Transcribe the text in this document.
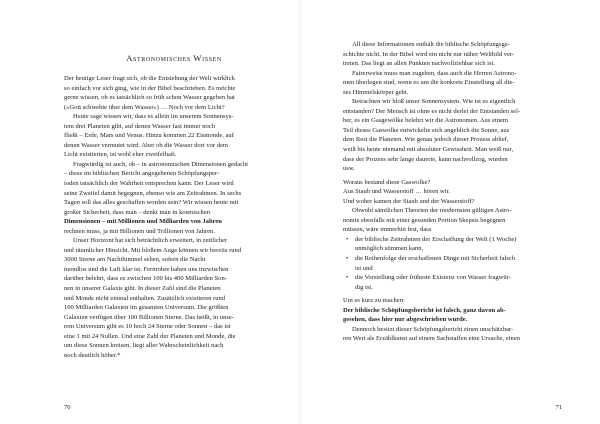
Astronomisches Wissen
Der heutige Leser fragt sich, ob die Entstehung der Welt wirklich
so einfach vor sich ging, wie in der Bibel beschrieben. Es möchte
gerne wissen, ob es tatsächlich so früh schon Wasser gegeben hat
(»Gott schwebte über dem Wasser«) … Noch vor dem Licht?
Heute sage wissen wir, dass es allein im unserem Sonnensys-
tem drei Planeten gibt, auf denen Wasser fast immer noch
fließt – Erde, Mars und Venus. Hinzu kommen 22 Eismonde, auf
denen Wasser vermutet wird. Aber ob die Wasser dort vor dem
Licht existierten, ist wohl eher zweifelhaft.
Fragwürdig ist auch, ob – in astronomischen Dimensionen gedacht
– diese im biblischen Bericht angegebenen Schöpfungsper-
ioden tatsächlich der Wahrheit entsprechen kann. Der Leser wird
seine Zweifel damit begegnen, ebenso wie am Zeitrahmen. In sechs
Tagen soll das alles geschaffen worden sein? Wir wissen heute mit
großer Sicherheit, dass man – denkt man in kosmischen
Dimensionen – mit Millionen und Milliarden von Jahren
rechnen muss, ja mit Billionen und Trillionen von Jahren.
Unser Horizont hat sich beträchtlich erweitert, in zeitlicher
und räumlicher Hinsicht. Mit bloßem Auge können wir bereits rund
3000 Sterne am Nachthimmel sehen, sofern die Nacht
mondlos und die Luft klar ist. Fernrohre haben uns inzwischen
darüber belehrt, dass es zwischen 100 bis 400 Milliarden Son-
nen in unserer Galaxis gibt. In dieser Zahl sind die Planeten
und Monde nicht einmal enthalten. Zusätzlich existieren rund
100 Milliarden Galaxien im gesamten Universum. Die größten
Galaxien verfügen über 100 Billionen Sterne. Das heißt, in unse-
rem Universum gibt es 10 hoch 24 Sterne oder Sonnen – das ist
eine 1 mit 24 Nullen. Und eine Zahl der Planeten und Monde, die
um diese Sonnen kreisen, liegt aller Wahrscheinlichkeit nach
noch deutlich höher.*
70
All diese Informationen enthält die biblische Schöpfungsge-
schichte nicht. In der Bibel wird ein nicht nur näher Weltbild ver-
treten. Das liegt an allen Punkten nachvollziehbar sich ist.
Fairerweise muss man zugeben, dass auch die Herren Astrono-
men überlegen sind, wenn es um die konkrete Einstellung all die-
ses Himmelskörper geht.
Betrachten wir bloß unser Sonnensystem. Wie ist es eigentlich
entstanden? Der Mensch ist ohne es nicht derlei der Entstanden sel-
ber, es ein Gasgewölke belehrt wir die Astronomen. Aus einem
Teil dieses Gaswolke entwickelte sich angeblich die Sonne, aus
dem Rest die Planeten. Wie genau jedoch dieser Prozess ablief,
weiß bis heute niemand mit absoluter Gewissheit. Man weiß nur,
dass der Prozess sehr lange dauerte, kann nachvollzog, wurden
usw.
Woraus bestand diese Gaswolke?
Aus Staub und Wasserstoff … hören wir.
Und woher kamen der Staub und der Wasserstoff?
Obwohl sämtlichen Theorien der modernsten gültigen Astro-
nomie ebenfalls mit einer gesunden Portion Skepsis begegnen
müssen, wäre immerhin fest, dass
• der biblische Zeitrahmen der Erschaffung der Welt (1 Woche)
unmöglich stimmen kann,
• die Reihenfolge der erschaffenen Dinge mit Sicherheit falsch
ist und
• die Vorstellung oder früheste Existenz von Wasser fragwür-
dig ist.
Um es kurz zu machen:
Der biblische Schöpfungsbericht ist falsch, ganz davon ab-
gesehen, dass hier nur abgeschrieben wurde.
Dennoch besitzt dieser Schöpfungsbericht einen unschätzbar-
ren Wert als Erzählkunst auf einem Sachstaffen eine Ursache, einen
71
